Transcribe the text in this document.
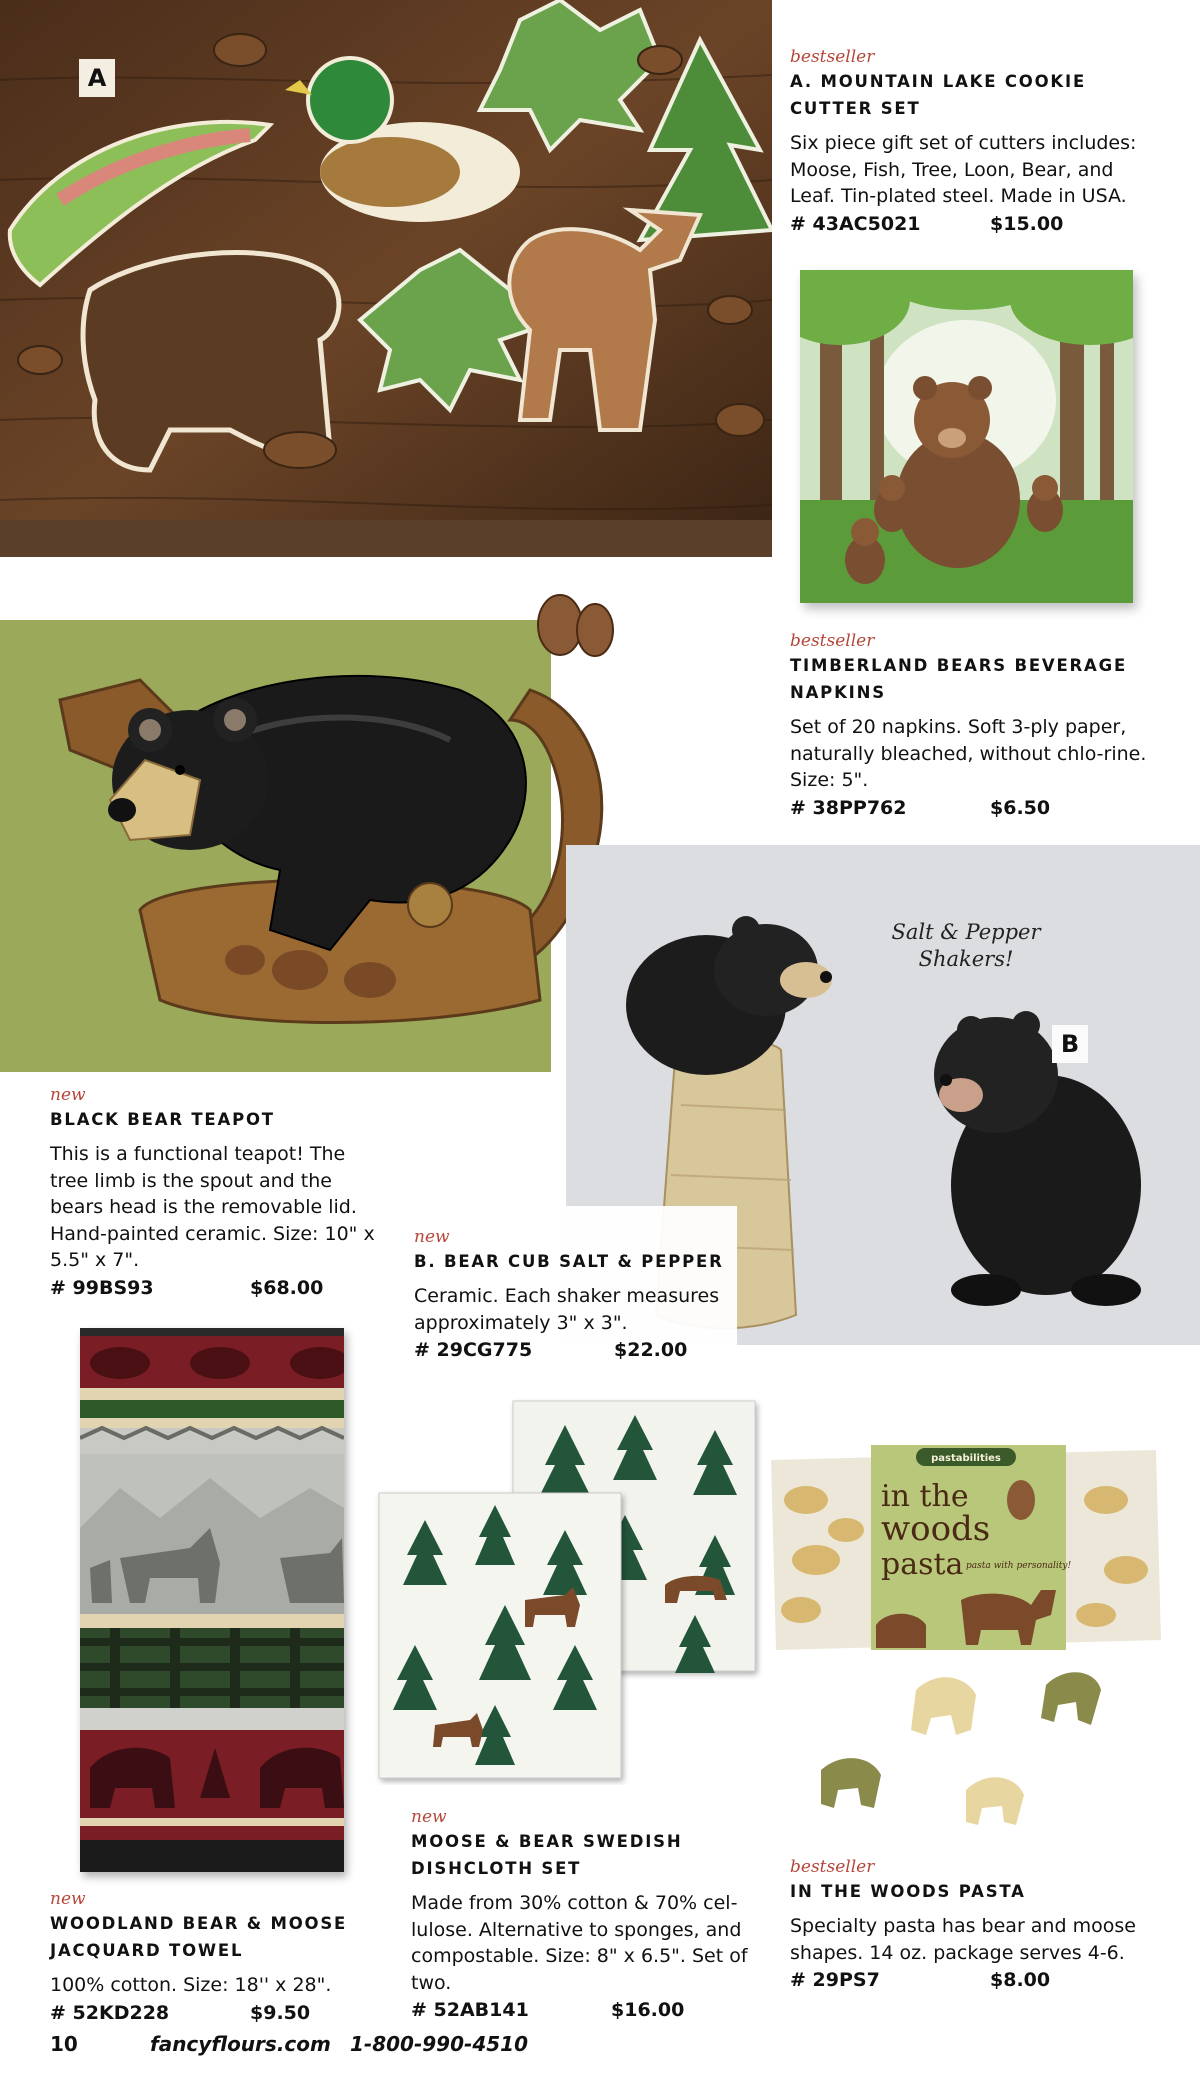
A
bestseller
A. MOUNTAIN LAKE COOKIE CUTTER SET
Six piece gift set of cutters includes: Moose, Fish, Tree, Loon, Bear, and Leaf. Tin-plated steel. Made in USA.
# 43AC5021	$15.00
bestseller
TIMBERLAND BEARS BEVERAGE NAPKINS
Set of 20 napkins. Soft 3-ply paper, naturally bleached, without chlo-rine. Size: 5".
# 38PP762	$6.50
new
BLACK BEAR TEAPOT
This is a functional teapot! The tree limb is the spout and the bears head is the removable lid. Hand-painted ceramic. Size: 10" x 5.5" x 7".
# 99BS93	$68.00
Salt & Pepper Shakers!
B
new
B. BEAR CUB SALT & PEPPER
Ceramic. Each shaker measures approximately 3" x 3".
# 29CG775	$22.00
new
WOODLAND BEAR & MOOSE JACQUARD TOWEL
100% cotton. Size: 18'' x 28".
# 52KD228	$9.50
new
MOOSE & BEAR SWEDISH DISHCLOTH SET
Made from 30% cotton & 70% cel-lulose. Alternative to sponges, and compostable. Size: 8" x 6.5". Set of two.
# 52AB141	$16.00
pastabilities
in the
woods
pasta pasta with personality!
bestseller
IN THE WOODS PASTA
Specialty pasta has bear and moose shapes. 14 oz. package serves 4-6.
# 29PS7	$8.00
10	fancyflours.com 1-800-990-4510
